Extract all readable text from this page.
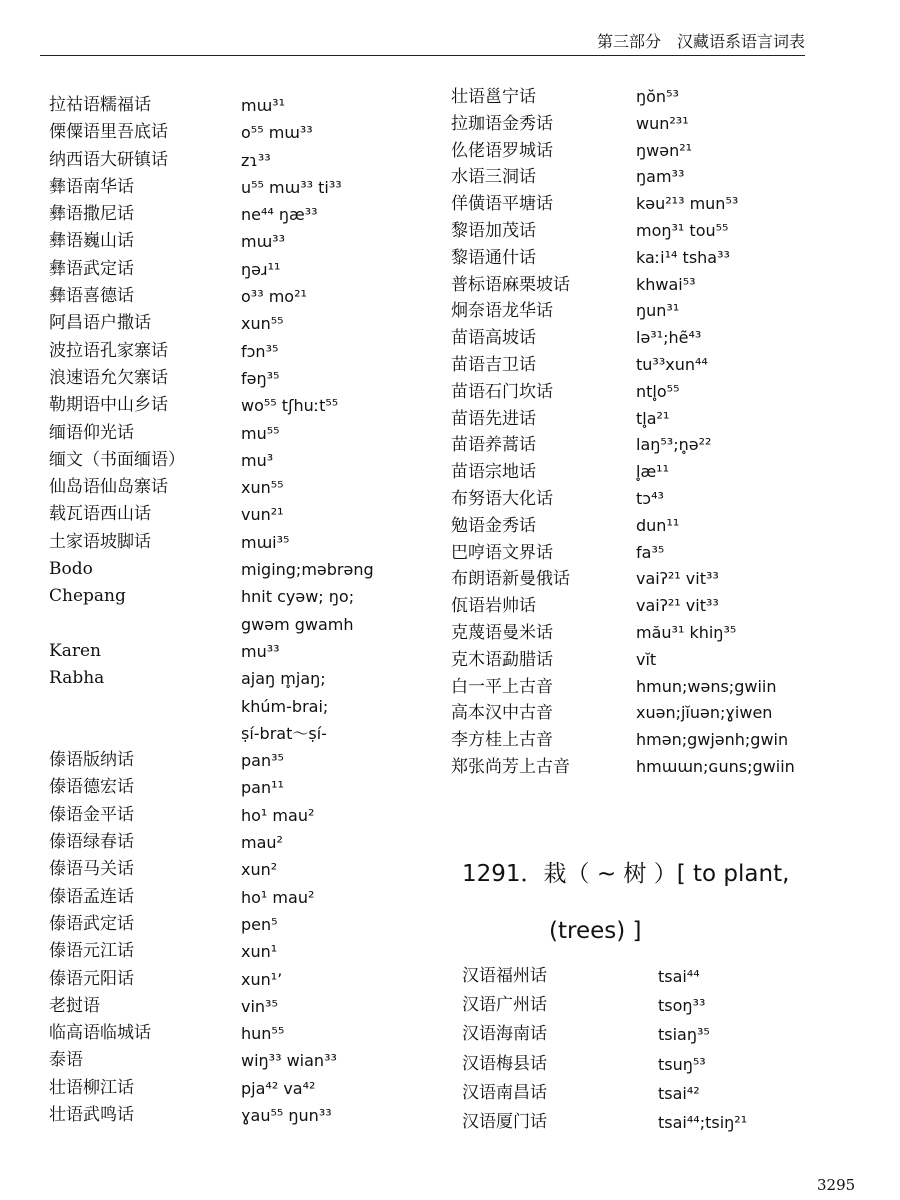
第三部分　汉藏语系语言词表
拉祜语糯福话	mɯ³¹
傈僳语里吾底话	o⁵⁵ mɯ³³
纳西语大研镇话	zɿ³³
彝语南华话	u⁵⁵ mɯ³³ ti³³
彝语撒尼话	ne⁴⁴ ŋæ³³
彝语巍山话	mɯ³³
彝语武定话	ŋəɹ¹¹
彝语喜德话	o³³ mo²¹
阿昌语户撒话	xun⁵⁵
波拉语孔家寨话	fɔn³⁵
浪速语允欠寨话	fəŋ³⁵
勒期语中山乡话	wo⁵⁵ tʃhuːt⁵⁵
缅语仰光话	mu⁵⁵
缅文（书面缅语）	mu³
仙岛语仙岛寨话	xun⁵⁵
载瓦语西山话	vun²¹
土家语坡脚话	mɯi³⁵
Bodo	miging;məbrəng
Chepang	hnit cyəw; ŋo;
gwəm gwamh
Karen	mu³³
Rabha	ajaŋ m̥jaŋ;
khúm-brai;
ṣí-brat～ṣí-
傣语版纳话	pan³⁵
傣语德宏话	pan¹¹
傣语金平话	ho¹ mau²
傣语绿春话	mau²
傣语马关话	xun²
傣语孟连话	ho¹ mau²
傣语武定话	pen⁵
傣语元江话	xun¹
傣语元阳话	xun¹’
老挝语	vin³⁵
临高语临城话	hun⁵⁵
泰语	wiŋ³³ wian³³
壮语柳江话	pja⁴² va⁴²
壮语武鸣话	ɣau⁵⁵ ŋun³³
壮语邕宁话	ŋŏn⁵³
拉珈语金秀话	wun²³¹
仫佬语罗城话	ŋwən²¹
水语三洞话	ŋam³³
佯僙语平塘话	kəu²¹³ mun⁵³
黎语加茂话	moŋ³¹ tou⁵⁵
黎语通什话	kaːi¹⁴ tsha³³
普标语麻栗坡话	khwai⁵³
炯奈语龙华话	ŋun³¹
苗语高坡话	lə³¹;hẽ⁴³
苗语吉卫话	tu³³xun⁴⁴
苗语石门坎话	ntl̥o⁵⁵
苗语先进话	tl̥a²¹
苗语养蒿话	laŋ⁵³;n̥ə²²
苗语宗地话	l̥æ¹¹
布努语大化话	tɔ⁴³
勉语金秀话	dun¹¹
巴哼语文界话	fa³⁵
布朗语新曼俄话	vaiʔ²¹ vit³³
佤语岩帅话	vaiʔ²¹ vit³³
克蔑语曼米话	mău³¹ khiŋ³⁵
克木语勐腊话	vĭt
白一平上古音	hmun;wəns;gwiin
高本汉中古音	xuən;jĭuən;ɣiwen
李方桂上古音	hmən;gwjənh;gwin
郑张尚芳上古音	hmɯɯn;ɢuns;gwiin
1291．栽（ ~ 树 ）[ to plant,
(trees) ]
汉语福州话	tsai⁴⁴
汉语广州话	tsoŋ³³
汉语海南话	tsiaŋ³⁵
汉语梅县话	tsuŋ⁵³
汉语南昌话	tsai⁴²
汉语厦门话	tsai⁴⁴;tsiŋ²¹
3295
